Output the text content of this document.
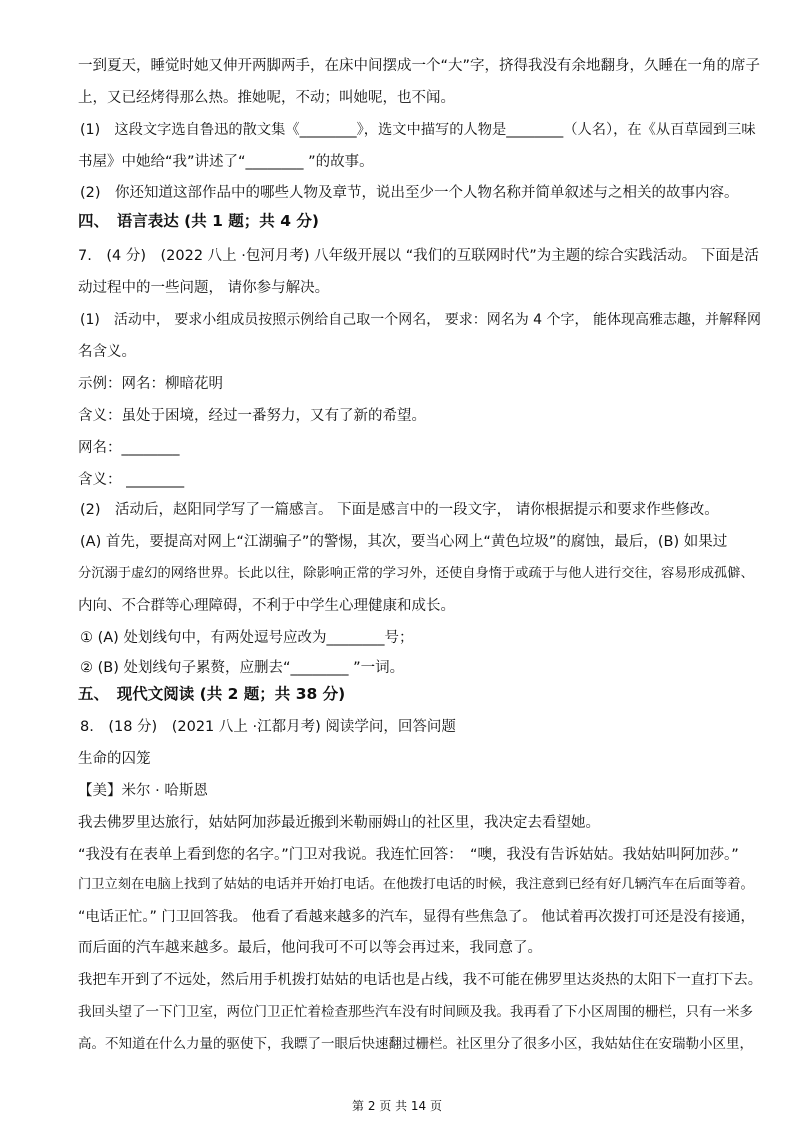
一到夏天，睡觉时她又伸开两脚两手，在床中间摆成一个“大”字，挤得我没有余地翻身，久睡在一角的席子
上，又已经烤得那么热。推她呢，不动；叫她呢，也不闻。
(1)　这段文字选自鲁迅的散文集《________》，选文中描写的人物是________（人名），在《从百草园到三味
书屋》中她给“我”讲述了“________ ”的故事。
(2)　你还知道这部作品中的哪些人物及章节，说出至少一个人物名称并简单叙述与之相关的故事内容。
四、　语言表达 (共 1 题；共 4 分)
7.　(4 分)　(2022 八上 ·包河月考) 八年级开展以 “我们的互联网时代”为主题的综合实践活动。 下面是活
动过程中的一些问题， 请你参与解决。
(1)　活动中， 要求小组成员按照示例给自己取一个网名， 要求：网名为 4 个字， 能体现高雅志趣，并解释网
名含义。
示例：网名：柳暗花明
含义：虽处于困境，经过一番努力，又有了新的希望。
网名：________
含义： ________
(2)　活动后，赵阳同学写了一篇感言。 下面是感言中的一段文字， 请你根据提示和要求作些修改。
(A) 首先，要提高对网上“江湖骗子”的警惕，其次，要当心网上“黄色垃圾”的腐蚀，最后，(B) 如果过
分沉溺于虚幻的网络世界。长此以往，除影响正常的学习外，还使自身惰于或疏于与他人进行交往，容易形成孤僻、
内向、不合群等心理障碍，不利于中学生心理健康和成长。
① (A) 处划线句中，有两处逗号应改为________号；
② (B) 处划线句子累赘，应删去“________ ”一词。
五、　现代文阅读 (共 2 题；共 38 分)
8.　(18 分)　(2021 八上 ·江都月考) 阅读学问，回答问题
生命的囚笼
【美】米尔 · 哈斯恩
我去佛罗里达旅行，姑姑阿加莎最近搬到米勒丽姆山的社区里，我决定去看望她。
“我没有在表单上看到您的名字。”门卫对我说。我连忙回答：　“噢，我没有告诉姑姑。我姑姑叫阿加莎。”
门卫立刻在电脑上找到了姑姑的电话并开始打电话。在他拨打电话的时候，我注意到已经有好几辆汽车在后面等着。
“电话正忙。” 门卫回答我。 他看了看越来越多的汽车，显得有些焦急了。 他试着再次拨打可还是没有接通，
而后面的汽车越来越多。最后，他问我可不可以等会再过来，我同意了。
我把车开到了不远处，然后用手机拨打姑姑的电话也是占线，我不可能在佛罗里达炎热的太阳下一直打下去。
我回头望了一下门卫室，两位门卫正忙着检查那些汽车没有时间顾及我。我再看了下小区周围的栅栏，只有一米多
高。不知道在什么力量的驱使下，我瞟了一眼后快速翻过栅栏。社区里分了很多小区，我姑姑住在安瑞勒小区里，
第 2 页 共 14 页
